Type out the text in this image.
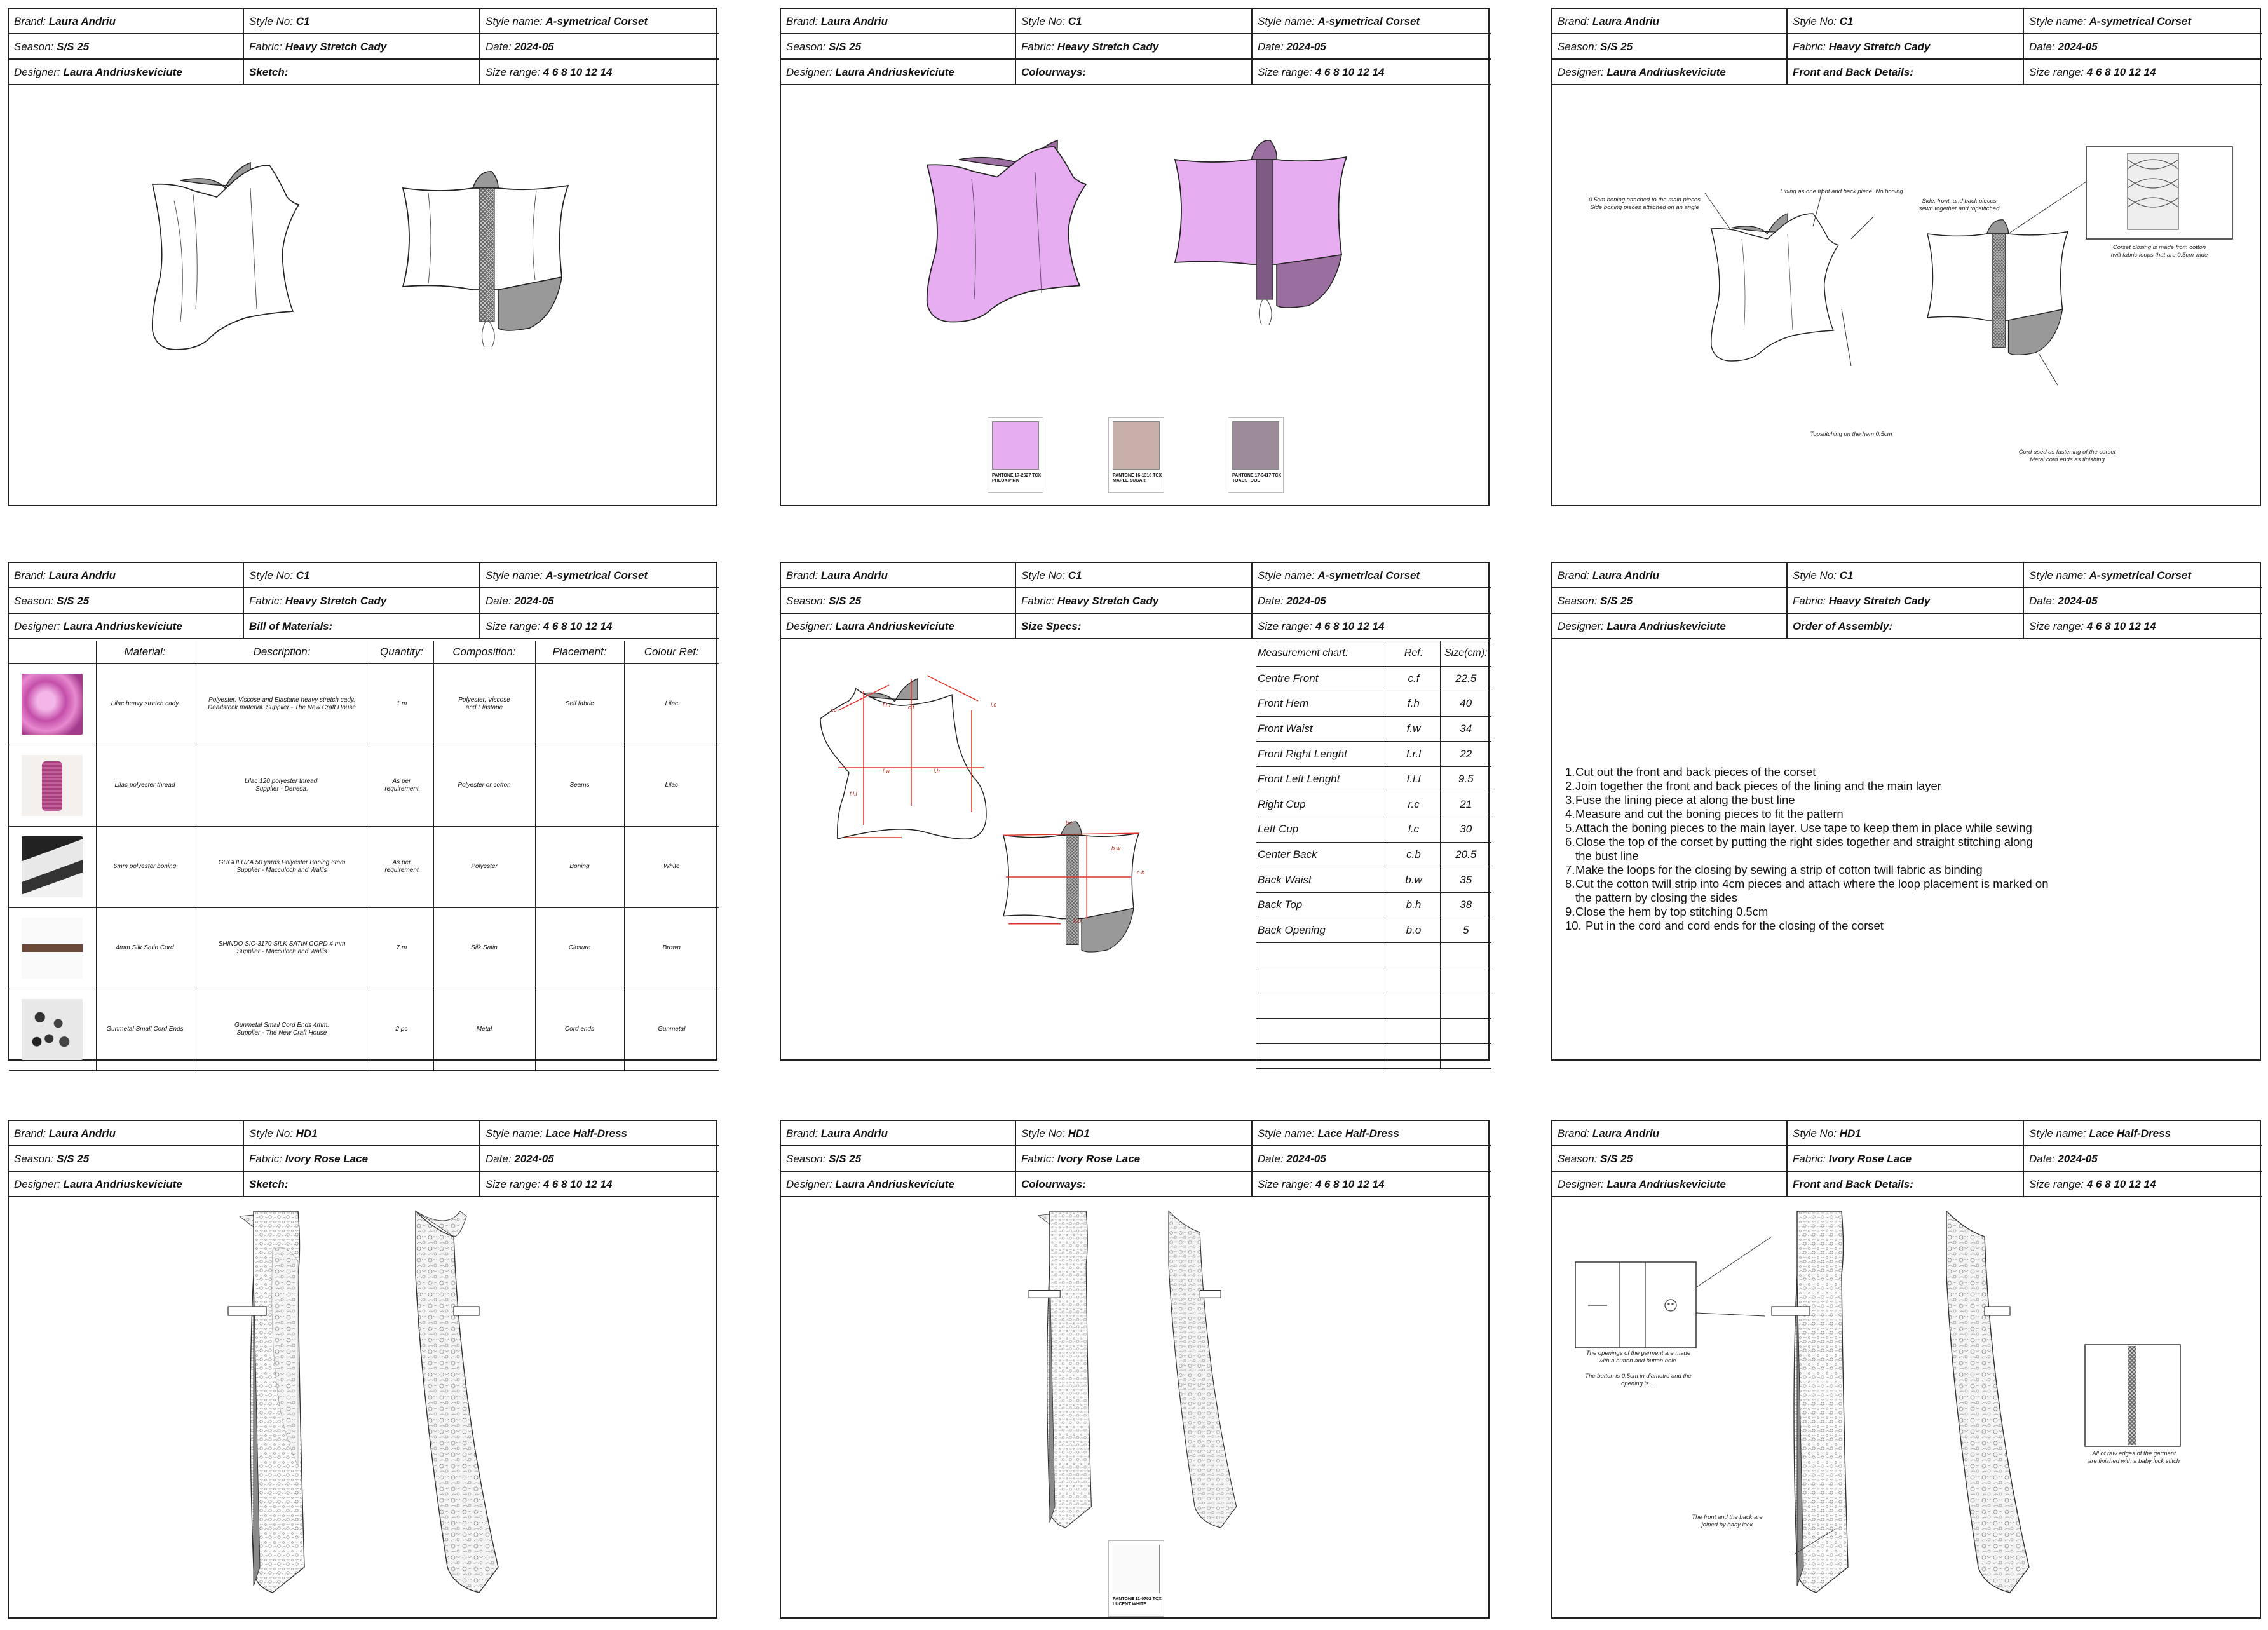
Brand: Laura Andriu	Style No: C1	Style name: A-symetrical Corset
Season: S/S 25	Fabric: Heavy Stretch Cady	Date: 2024-05
Designer: Laura Andriuskeviciute	Sketch:	Size range: 4 6 8 10 12 14
Brand: Laura Andriu	Style No: C1	Style name: A-symetrical Corset
Season: S/S 25	Fabric: Heavy Stretch Cady	Date: 2024-05
Designer: Laura Andriuskeviciute	Colourways:	Size range: 4 6 8 10 12 14
PANTONE 17-2627 TCX
PHLOX PINK
PANTONE 16-1318 TCX
MAPLE SUGAR
PANTONE 17-3417 TCX
TOADSTOOL
Brand: Laura Andriu	Style No: C1	Style name: A-symetrical Corset
Season: S/S 25	Fabric: Heavy Stretch Cady	Date: 2024-05
Designer: Laura Andriuskeviciute	Front and Back Details:	Size range: 4 6 8 10 12 14
0.5cm boning attached to the main pieces
Side boning pieces attached on an angle
Lining as one front and back piece. No boning
Side, front, and back pieces
sewn together and topstitched
Corset closing is made from cotton
twill fabric loops that are 0.5cm wide
Topstitching on the hem 0.5cm
Cord used as fastening of the corset
Metal cord ends as finishing
Brand: Laura Andriu	Style No: C1	Style name: A-symetrical Corset
Season: S/S 25	Fabric: Heavy Stretch Cady	Date: 2024-05
Designer: Laura Andriuskeviciute	Bill of Materials:	Size range: 4 6 8 10 12 14
	Material:	Description:	Quantity:	Composition:	Placement:	Colour Ref:

	Lilac heavy stretch cady	Polyester, Viscose and Elastane heavy stretch cady.
Deadstock material. Supplier - The New Craft House	1 m	Polyester, Viscose
and Elastane	Self fabric	Lilac

	Lilac polyester thread	Lilac 120 polyester thread.
Supplier - Denesa.	As per
requirement	Polyester or cotton	Seams	Lilac

	6mm polyester boning	GUGULUZA 50 yards Polyester Boning 6mm
Supplier - Macculoch and Wallis	As per
requirement	Polyester	Boning	White

	4mm Silk Satin Cord	SHINDO SIC-3170 SILK SATIN CORD 4 mm
Supplier - Macculoch and Wallis	7 m	Silk Satin	Closure	Brown

	Gunmetal Small Cord Ends	Gunmetal Small Cord Ends 4mm.
Supplier - The New Craft House	2 pc	Metal	Cord ends	Gunmetal
Brand: Laura Andriu	Style No: C1	Style name: A-symetrical Corset
Season: S/S 25	Fabric: Heavy Stretch Cady	Date: 2024-05
Designer: Laura Andriuskeviciute	Size Specs:	Size range: 4 6 8 10 12 14
c.f
f.w
f.r.l
f.l.l
r.c
l.c
f.h
b.t
c.b
b.w
b.o
Measurement chart:	Ref:	Size(cm):
Centre Front	c.f	22.5
Front Hem	f.h	40
Front Waist	f.w	34
Front Right Lenght	f.r.l	22
Front Left Lenght	f.l.l	9.5
Right Cup	r.c	21
Left Cup	l.c	30
Center Back	c.b	20.5
Back Waist	b.w	35
Back Top	b.h	38
Back Opening	b.o	5

Brand: Laura Andriu	Style No: C1	Style name: A-symetrical Corset
Season: S/S 25	Fabric: Heavy Stretch Cady	Date: 2024-05
Designer: Laura Andriuskeviciute	Order of Assembly:	Size range: 4 6 8 10 12 14
1. Cut out the front and back pieces of the corset
2. Join together the front and back pieces of the lining and the main layer
3. Fuse the lining piece at along the bust line
4. Measure and cut the boning pieces to fit the pattern
5. Attach the boning pieces to the main layer. Use tape to keep them in place while sewing
6. Close the top of the corset by putting the right sides together and straight stitching along
the bust line
7. Make the loops for the closing by sewing a strip of cotton twill fabric as binding
8. Cut the cotton twill strip into 4cm pieces and attach where the loop placement is marked on
the pattern by closing the sides
9. Close the hem by top stitching 0.5cm
10. Put in the cord and cord ends for the closing of the corset
Brand: Laura Andriu	Style No: HD1	Style name: Lace Half-Dress
Season: S/S 25	Fabric: Ivory Rose Lace	Date: 2024-05
Designer: Laura Andriuskeviciute	Sketch:	Size range: 4 6 8 10 12 14
Brand: Laura Andriu	Style No: HD1	Style name: Lace Half-Dress
Season: S/S 25	Fabric: Ivory Rose Lace	Date: 2024-05
Designer: Laura Andriuskeviciute	Colourways:	Size range: 4 6 8 10 12 14
PANTONE 11-0702 TCX
LUCENT WHITE
Brand: Laura Andriu	Style No: HD1	Style name: Lace Half-Dress
Season: S/S 25	Fabric: Ivory Rose Lace	Date: 2024-05
Designer: Laura Andriuskeviciute	Front and Back Details:	Size range: 4 6 8 10 12 14
The openings of the garment are made
with a button and button hole.

The button is 0.5cm in diametre and the
opening is ...
The front and the back are
joined by baby lock
All of raw edges of the garment
are finished with a baby lock stitch
